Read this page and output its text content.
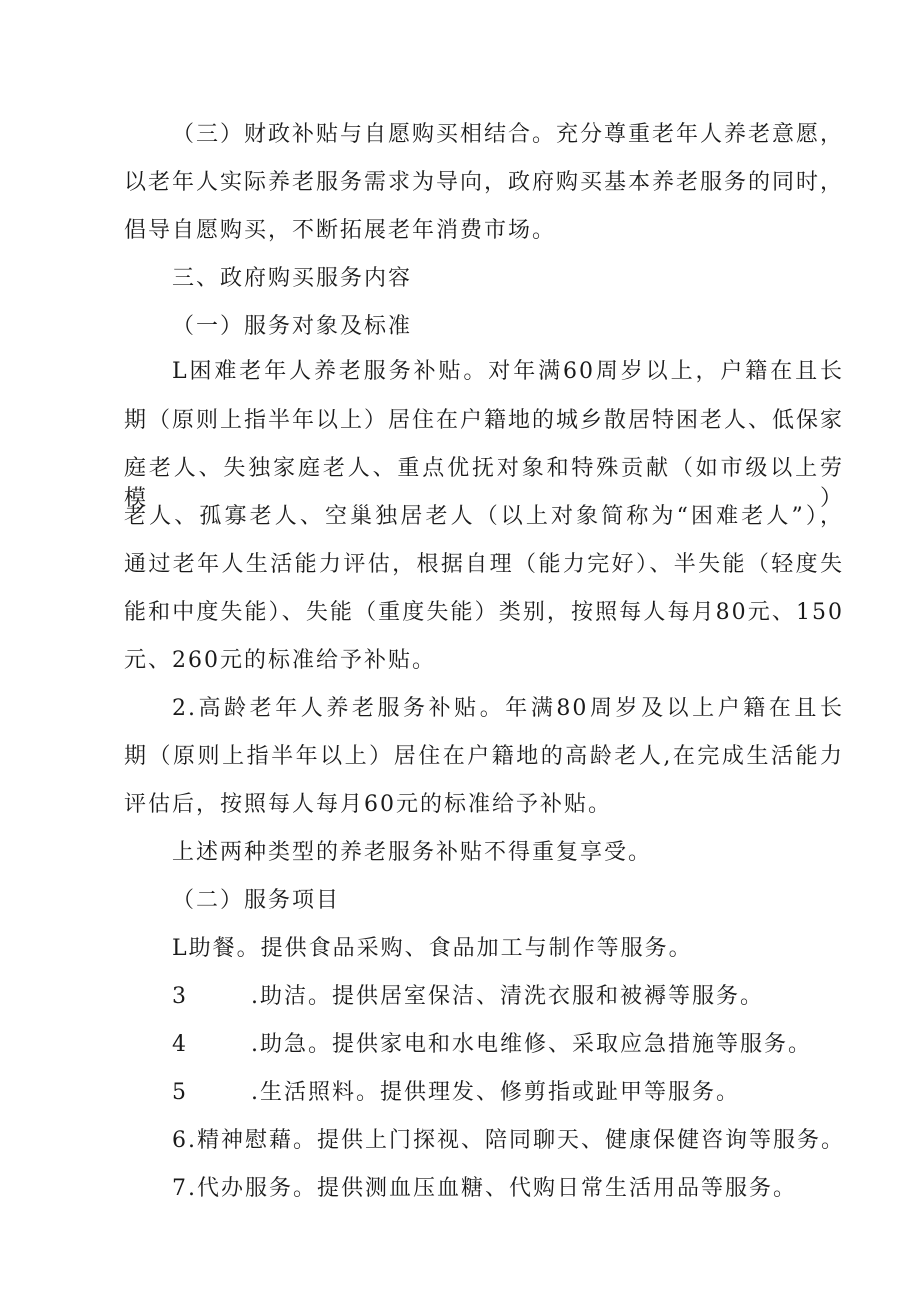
（三）财政补贴与自愿购买相结合。充分尊重老年人养老意愿，
以老年人实际养老服务需求为导向，政府购买基本养老服务的同时，
倡导自愿购买，不断拓展老年消费市场。
三、政府购买服务内容
（一）服务对象及标准
L困难老年人养老服务补贴。对年满60周岁以上，户籍在且长
期（原则上指半年以上）居住在户籍地的城乡散居特困老人、低保家
庭老人、失独家庭老人、重点优抚对象和特殊贡献（如市级以上劳模）
老人、孤寡老人、空巢独居老人（以上对象简称为“困难老人”），
通过老年人生活能力评估，根据自理（能力完好）、半失能（轻度失
能和中度失能）、失能（重度失能）类别，按照每人每月80元、150
元、260元的标准给予补贴。
2.高龄老年人养老服务补贴。年满80周岁及以上户籍在且长
期（原则上指半年以上）居住在户籍地的高龄老人,在完成生活能力
评估后，按照每人每月60元的标准给予补贴。
上述两种类型的养老服务补贴不得重复享受。
（二）服务项目
L助餐。提供食品采购、食品加工与制作等服务。
3       .助洁。提供居室保洁、清洗衣服和被褥等服务。
4       .助急。提供家电和水电维修、采取应急措施等服务。
5       .生活照料。提供理发、修剪指或趾甲等服务。
6.精神慰藉。提供上门探视、陪同聊天、健康保健咨询等服务。
7.代办服务。提供测血压血糖、代购日常生活用品等服务。
